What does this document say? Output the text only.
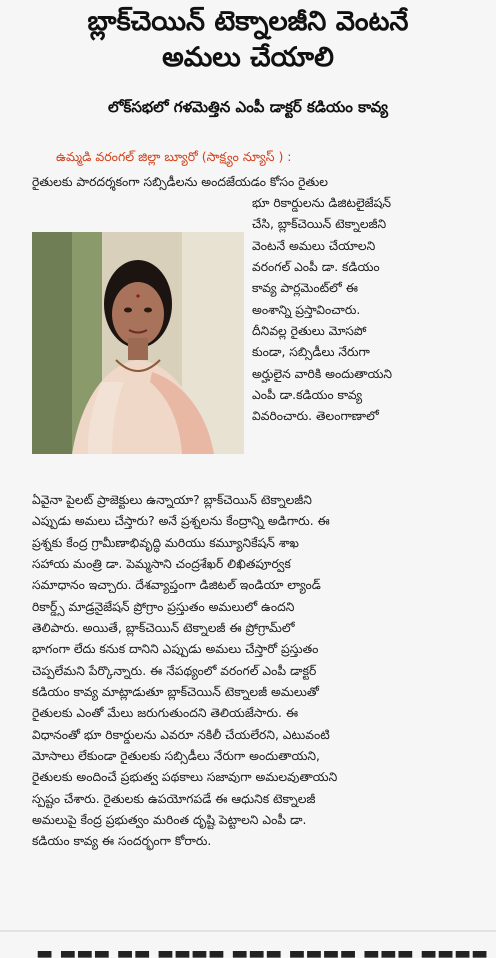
బ్లాక్‌చెయిన్ టెక్నాలజీని వెంటనే
అమలు చేయాలి
లోక్‌సభలో గళమెత్తిన ఎంపీ డాక్టర్ కడియం కావ్య

ఉమ్మడి వరంగల్ జిల్లా బ్యూరో (సాక్ష్యం న్యూస్ ) :

రైతులకు పారదర్శకంగా సబ్సిడీలను అందజేయడం కోసం రైతుల

భూ రికార్డులను డిజిటలైజేషన్

చేసి, బ్లాక్‌చెయిన్ టెక్నాలజీని

వెంటనే అమలు చేయాలని

వరంగల్ ఎంపీ డా. కడియం

కావ్య పార్లమెంట్‌లో ఈ

అంశాన్ని ప్రస్తావించారు.

దీనివల్ల రైతులు మోసపో

కుండా, సబ్సిడీలు నేరుగా

అర్హులైన వారికి అందుతాయని

ఎంపీ డా.కడియం కావ్య

వివరించారు. తెలంగాణాలో

ఏవైనా పైలట్ ప్రాజెక్టులు ఉన్నాయా? బ్లాక్‌చెయిన్ టెక్నాలజీని

ఎప్పుడు అమలు చేస్తారు? అనే ప్రశ్నలను కేంద్రాన్ని అడిగారు. ఈ

ప్రశ్నకు కేంద్ర గ్రామీణాభివృద్ధి మరియు కమ్యూనికేషన్ శాఖ

సహాయ మంత్రి డా. పెమ్మసాని చంద్రశేఖర్ లిఖితపూర్వక

సమాధానం ఇచ్చారు. దేశవ్యాప్తంగా డిజిటల్ ఇండియా ల్యాండ్

రికార్డ్స్ మాడ్రనైజేషన్ ప్రోగ్రాం ప్రస్తుతం అమలులో ఉందని

తెలిపారు. అయితే, బ్లాక్‌చెయిన్ టెక్నాలజీ ఈ ప్రోగ్రామ్‌లో

భాగంగా లేదు కనుక దానిని ఎప్పుడు అమలు చేస్తారో ప్రస్తుతం

చెప్పలేమని పేర్కొన్నారు. ఈ నేపథ్యంలో వరంగల్ ఎంపీ డాక్టర్

కడియం కావ్య మాట్లాడుతూ బ్లాక్‌చెయిన్ టెక్నాలజీ అమలుతో

రైతులకు ఎంతో మేలు జరుగుతుందని తెలియజేసారు. ఈ

విధానంతో భూ రికార్డులను ఎవరూ నకిలీ చేయలేరని, ఎటువంటి

మోసాలు లేకుండా రైతులకు సబ్సిడీలు నేరుగా అందుతాయని,

రైతులకు అందించే ప్రభుత్వ పథకాలు సజావుగా అమలవుతాయని

స్పష్టం చేశారు. రైతులకు ఉపయోగపడే ఈ ఆధునిక టెక్నాలజీ

అమలుపై కేంద్ర ప్రభుత్వం మరింత దృష్టి పెట్టాలని ఎంపీ డా.

కడియం కావ్య ఈ సందర్భంగా కోరారు.

▬ ▬▬▬ ▬▬ ▬▬▬▬ ▬▬▬ ▬▬▬▬ ▬▬▬ ▬▬▬▬
